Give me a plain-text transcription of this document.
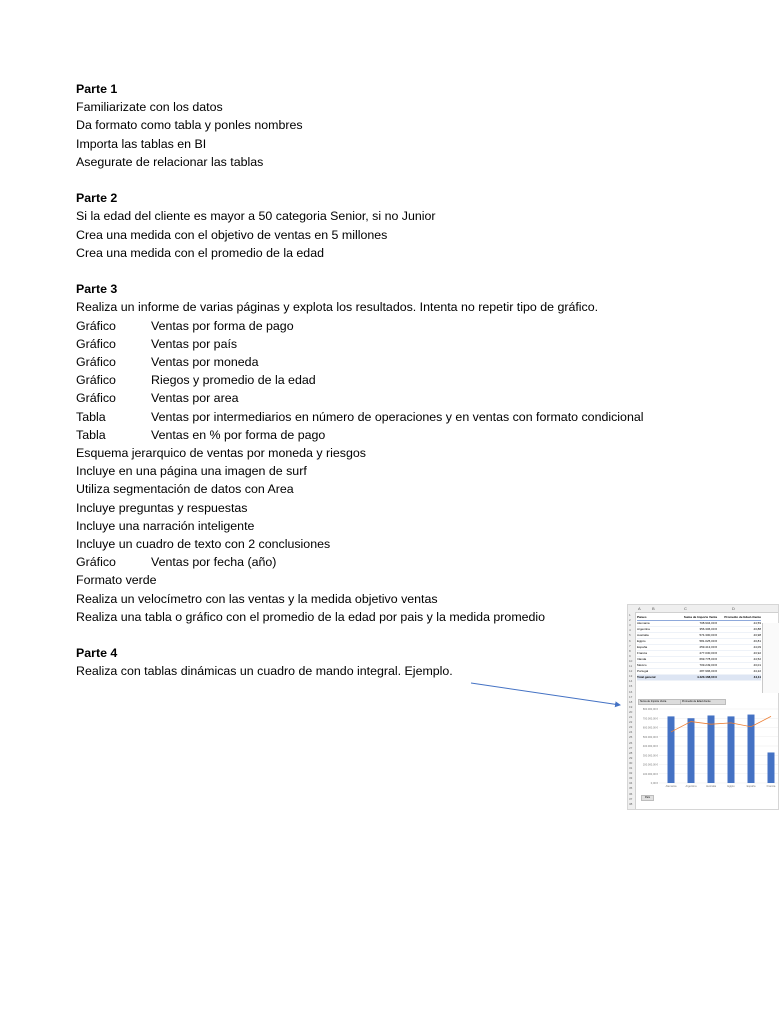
Parte 1
Familiarizate con los datos
Da formato como tabla y ponles nombres
Importa las tablas en BI
Asegurate de relacionar las tablas
Parte 2
Si la edad del cliente es mayor a 50 categoria Senior, si no Junior
Crea una medida con el objetivo de ventas en 5 millones
Crea una medida con el promedio de la edad
Parte 3
Realiza un informe de varias páginas y explota los resultados. Intenta no repetir tipo de gráfico.
Gráfico	Ventas por forma de pago
Gráfico	Ventas por país
Gráfico	Ventas por moneda
Gráfico	Riegos y promedio de la edad
Gráfico	Ventas por area
Tabla	Ventas por intermediarios en número de operaciones y en ventas con formato condicional
Tabla	Ventas en % por forma de pago
Esquema jerarquico de ventas por moneda y riesgos
Incluye en una página una imagen de surf
Utiliza segmentación de datos con Area
Incluye preguntas y respuestas
Incluye una narración inteligente
Incluye un cuadro de texto con 2 conclusiones
Gráfico	Ventas por fecha (año)
Formato verde
Realiza un velocímetro con las ventas y la medida objetivo ventas
Realiza una tabla o gráfico con el promedio de la edad por pais y la medida promedio
Parte 4
Realiza con tablas dinámicas un cuadro de mando integral. Ejemplo.
A	B	C	D
1
2
3
4
5
6
7
8
9
10
11
12
13
14
15
16
17
18
19
20
21
22
23
24
25
26
27
28
29
30
31
32
33
34
35
36
37
38
Paises	Suma de Importe Venta	Promedio de Edad cliente
Alemania	708.904,00 €	44,59
Argentina	356.306,00 €	43,88
Australia	574.300,00 €	43,98
Egipto	581.025,00 €	43,81
España	259.413,00 €	44,09
Francia	277.030,00 €	43,92
Irlanda	669.778,00 €	44,52
México	709.249,00 €	43,01
Portugal	287.996,00 €	44,22
Total general	4.423.168,00 €	44,11
Suma de Importe Venta	Promedio de Edad cliente
800.000,00 €
700.000,00 €
600.000,00 €
500.000,00 €
400.000,00 €
300.000,00 €
200.000,00 €
100.000,00 €
0,00 €
Alemania	Argentina	Australia	Egipto	España	Francia
País
